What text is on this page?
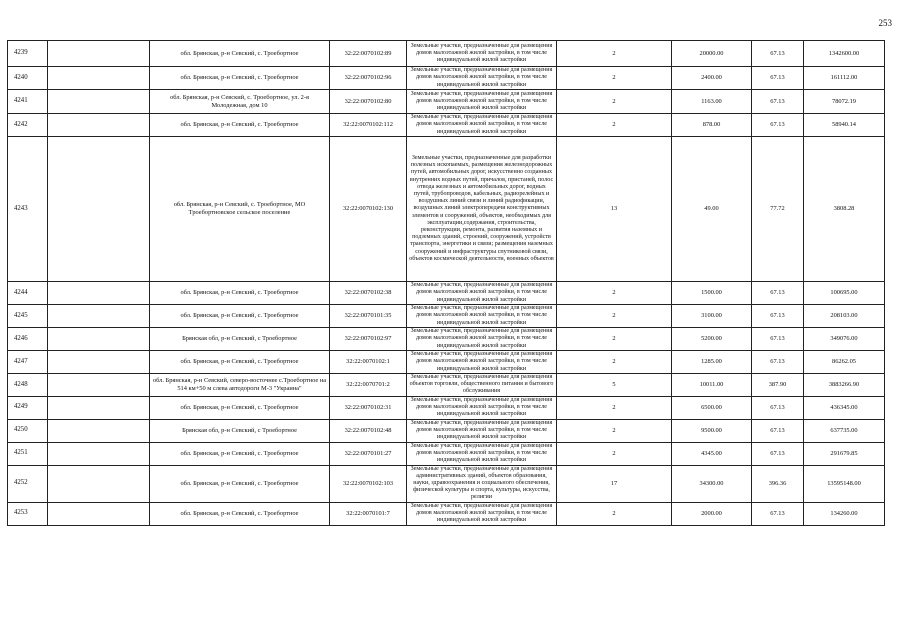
253
4239		обл. Брянская, р-н Севский, с. Троебортное	32:22:0070102:89	Земельные участки, предназначенные для размещения домов малоэтажной жилой застройки, в том числе индивидуальной жилой застройки	2	20000.00	67.13	1342600.00
4240		обл. Брянская, р-н Севский, с. Троебортное	32:22:0070102:96	Земельные участки, предназначенные для размещения домов малоэтажной жилой застройки, в том числе индивидуальной жилой застройки	2	2400.00	67.13	161112.00
4241		обл. Брянская, р-н Севский, с. Троебортное, ул. 2-я Молодежная, дом 10	32:22:0070102:80	Земельные участки, предназначенные для размещения домов малоэтажной жилой застройки, в том числе индивидуальной жилой застройки	2	1163.00	67.13	78072.19
4242		обл. Брянская, р-н Севский, с. Троебортное	32:22:0070102:112	Земельные участки, предназначенные для размещения домов малоэтажной жилой застройки, в том числе индивидуальной жилой застройки	2	878.00	67.13	58940.14
4243		обл. Брянская, р-н Севский, с. Троебортное, МО Троебортновское сельское поселение	32:22:0070102:130	Земельные участки, предназначенные для разработки полезных ископаемых, размещения железнодорожных путей, автомобильных дорог, искусственно созданных внутренних водных путей, причалов, пристаней, полос отвода железных и автомобильных дорог, водных путей, трубопроводов, кабельных, радиорелейных и воздушных линий связи и линий радиофикации, воздушных линий электропередачи конструктивных элементов и сооружений, объектов, необходимых для эксплуатации,содержания, строительства, реконструкции, ремонта, развития наземных и подземных зданий, строений, сооружений, устройств транспорта, энергетики и связи; размещения наземных сооружений и инфраструктуры спутниковой связи, объектов космической деятельности, военных объектов	13	49.00	77.72	3808.28
4244		обл. Брянская, р-н Севский, с. Троебортное	32:22:0070102:38	Земельные участки, предназначенные для размещения домов малоэтажной жилой застройки, в том числе индивидуальной жилой застройки	2	1500.00	67.13	100695.00
4245		обл. Брянская, р-н Севский, с. Троебортное	32:22:0070101:35	Земельные участки, предназначенные для размещения домов малоэтажной жилой застройки, в том числе индивидуальной жилой застройки	2	3100.00	67.13	208103.00
4246		Брянская обл, р-н Севский, с Троебортное	32:22:0070102:97	Земельные участки, предназначенные для размещения домов малоэтажной жилой застройки, в том числе индивидуальной жилой застройки	2	5200.00	67.13	349076.00
4247		обл. Брянская, р-н Севский, с. Троебортное	32:22:0070102:1	Земельные участки, предназначенные для размещения домов малоэтажной жилой застройки, в том числе индивидуальной жилой застройки	2	1285.00	67.13	86262.05
4248		обл. Брянская, р-н Севский, северо-восточнее с.Троебортное на 514 км+50 м слева автодороги М-3 "Украина"	32:22:0070701:2	Земельные участки, предназначенные для размещения объектов торговли, общественного питания и бытового обслуживания	5	10011.00	387.90	3883266.90
4249		обл. Брянская, р-н Севский, с. Троебортное	32:22:0070102:31	Земельные участки, предназначенные для размещения домов малоэтажной жилой застройки, в том числе индивидуальной жилой застройки	2	6500.00	67.13	436345.00
4250		Брянская обл, р-н Севский, с Троебортное	32:22:0070102:48	Земельные участки, предназначенные для размещения домов малоэтажной жилой застройки, в том числе индивидуальной жилой застройки	2	9500.00	67.13	637735.00
4251		обл. Брянская, р-н Севский, с. Троебортное	32:22:0070101:27	Земельные участки, предназначенные для размещения домов малоэтажной жилой застройки, в том числе индивидуальной жилой застройки	2	4345.00	67.13	291679.85
4252		обл. Брянская, р-н Севский, с. Троебортное	32:22:0070102:103	Земельные участки, предназначенные для размещения административных зданий, объектов образования, науки, здравоохранения и социального обеспечения, физической культуры и спорта, культуры, искусства, религии	17	34300.00	396.36	13595148.00
4253		обл. Брянская, р-н Севский, с. Троебортное	32:22:0070101:7	Земельные участки, предназначенные для размещения домов малоэтажной жилой застройки, в том числе индивидуальной жилой застройки	2	2000.00	67.13	134260.00
